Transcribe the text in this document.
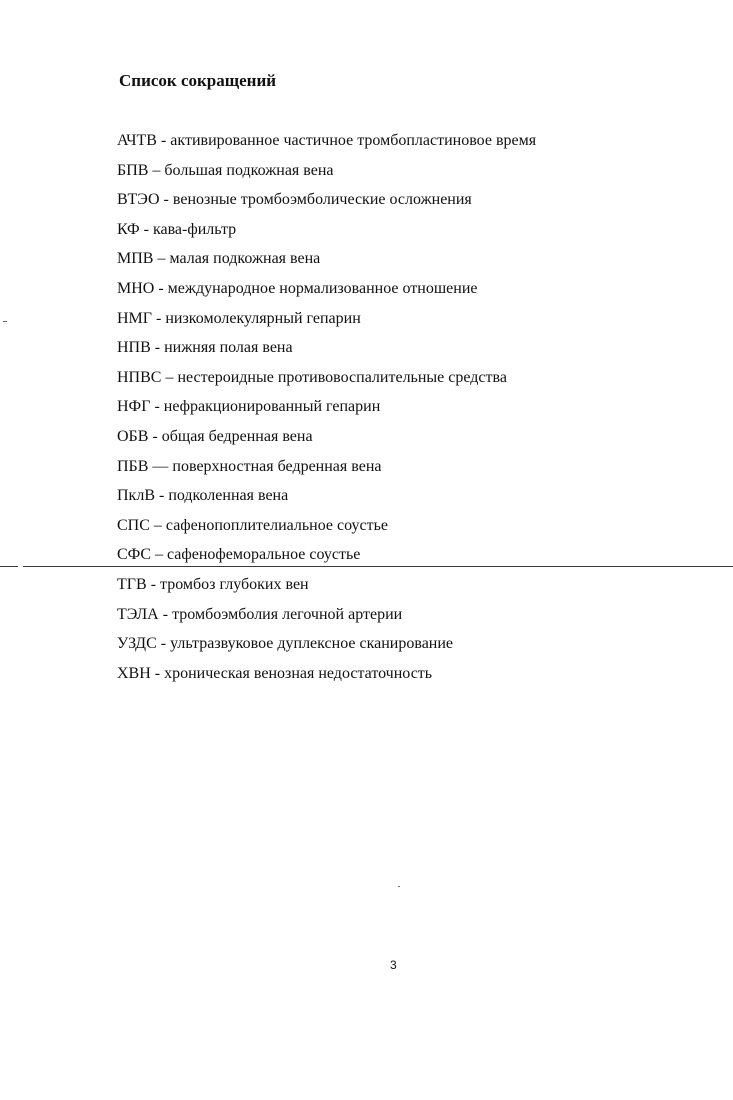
Список сокращений
АЧТВ - активированное частичное тромбопластиновое время
БПВ – большая подкожная вена
ВТЭО - венозные тромбоэмболические осложнения
КФ - кава-фильтр
МПВ – малая подкожная вена
МНО - международное нормализованное отношение
НМГ - низкомолекулярный гепарин
НПВ - нижняя полая вена
НПВС – нестероидные противовоспалительные средства
НФГ - нефракционированный гепарин
ОБВ - общая бедренная вена
ПБВ — поверхностная бедренная вена
ПклВ - подколенная вена
СПС – сафенопоплителиальное соустье
СФС – сафенофеморальное соустье
ТГВ - тромбоз глубоких вен
ТЭЛА - тромбоэмболия легочной артерии
УЗДС - ультразвуковое дуплексное сканирование
ХВН - хроническая венозная недостаточность
3
